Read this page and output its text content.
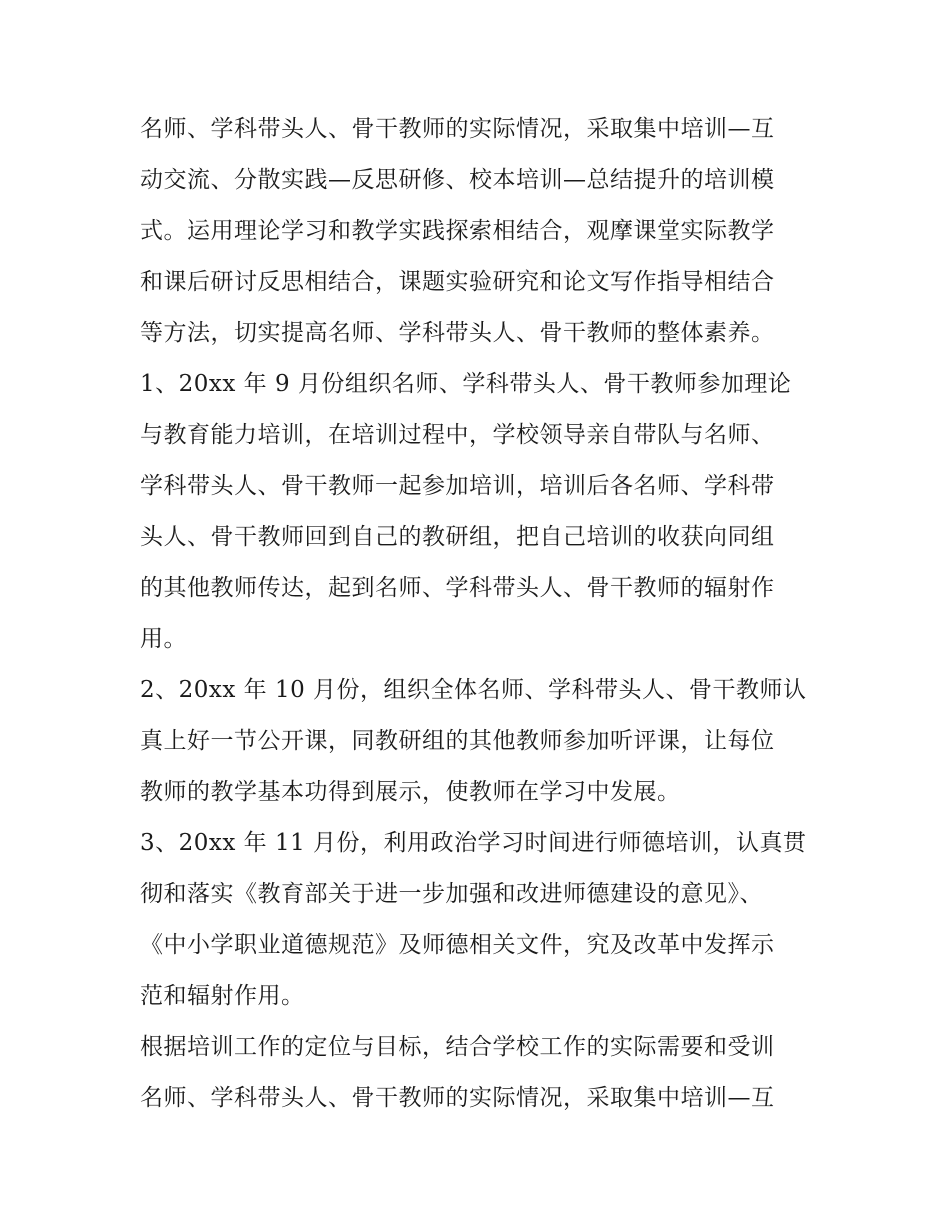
名师、学科带头人、骨干教师的实际情况，采取集中培训—互
动交流、分散实践—反思研修、校本培训—总结提升的培训模
式。运用理论学习和教学实践探索相结合，观摩课堂实际教学
和课后研讨反思相结合，课题实验研究和论文写作指导相结合
等方法，切实提高名师、学科带头人、骨干教师的整体素养。
1、20xx 年 9 月份组织名师、学科带头人、骨干教师参加理论
与教育能力培训，在培训过程中，学校领导亲自带队与名师、
学科带头人、骨干教师一起参加培训，培训后各名师、学科带
头人、骨干教师回到自己的教研组，把自己培训的收获向同组
的其他教师传达，起到名师、学科带头人、骨干教师的辐射作
用。
2、20xx 年 10 月份，组织全体名师、学科带头人、骨干教师认
真上好一节公开课，同教研组的其他教师参加听评课，让每位
教师的教学基本功得到展示，使教师在学习中发展。
3、20xx 年 11 月份，利用政治学习时间进行师德培训，认真贯
彻和落实《教育部关于进一步加强和改进师德建设的意见》、
《中小学职业道德规范》及师德相关文件，究及改革中发挥示
范和辐射作用。
根据培训工作的定位与目标，结合学校工作的实际需要和受训
名师、学科带头人、骨干教师的实际情况，采取集中培训—互
